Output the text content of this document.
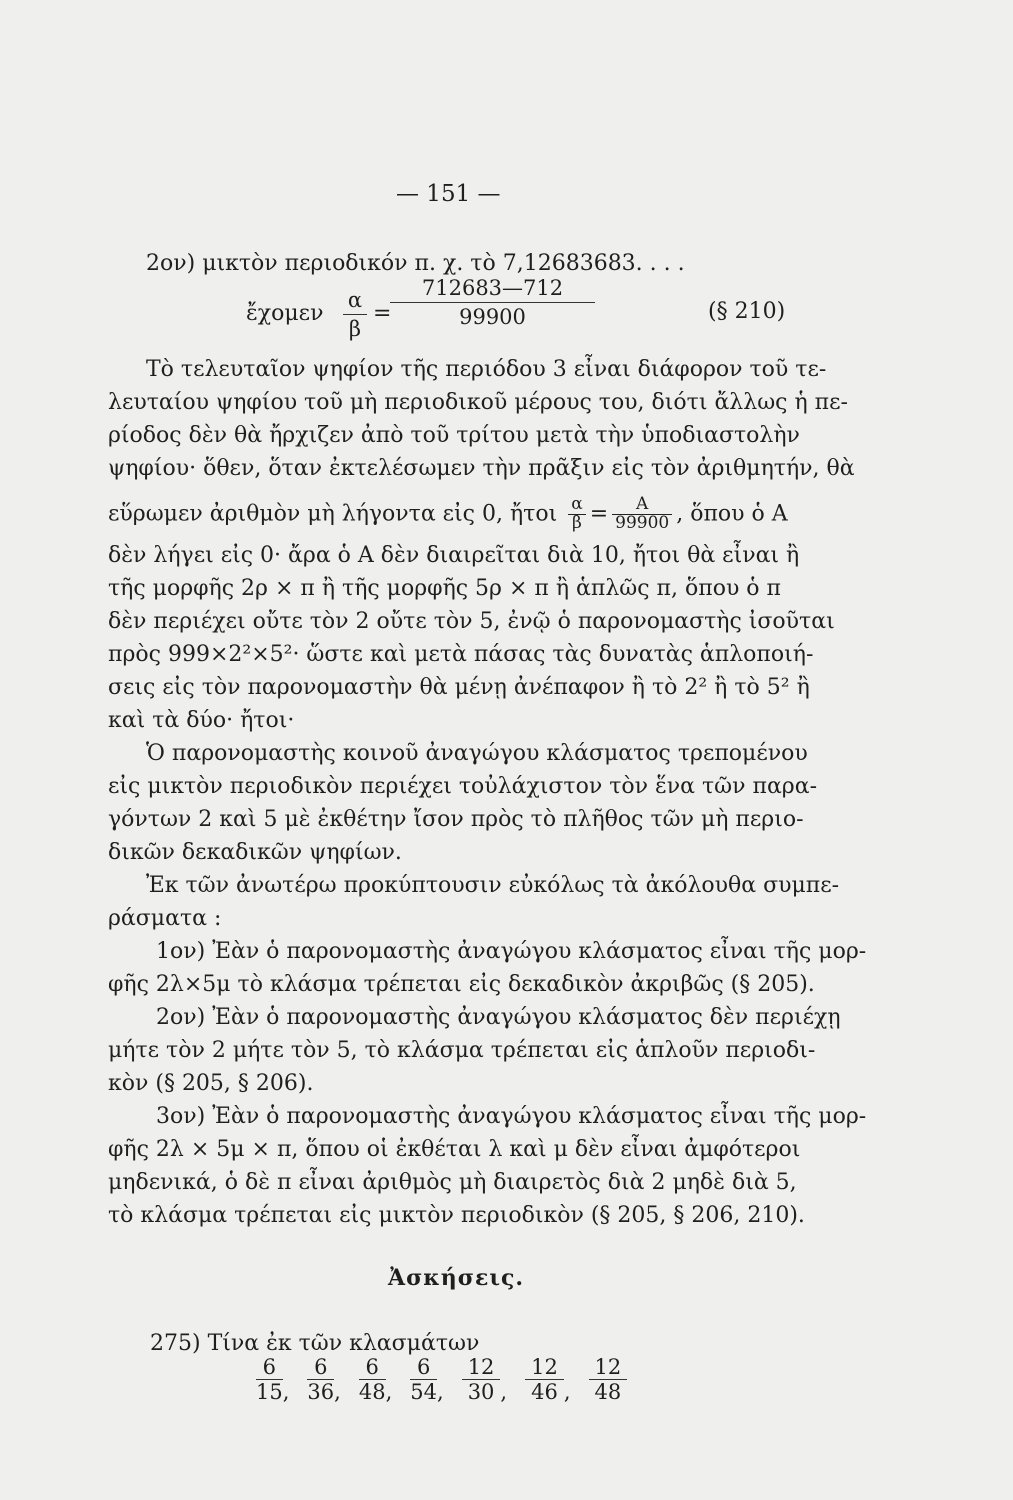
— 151 —
2ον) μικτὸν περιοδικόν π. χ. τὸ 7,12683683. . . .
ἔχομεν
α
β
=
712683—712
99900	(§ 210)
Τὸ τελευταῖον ψηφίον τῆς περιόδου 3 εἶναι διάφορον τοῦ τε-
λευταίου ψηφίου τοῦ μὴ περιοδικοῦ μέρους του, διότι ἄλλως ἡ πε-
ρίοδος δὲν θὰ ἤρχιζεν ἀπὸ τοῦ τρίτου μετὰ τὴν ὑποδιαστολὴν
ψηφίου· ὅθεν, ὅταν ἐκτελέσωμεν τὴν πρᾶξιν εἰς τὸν ἀριθμητήν, θὰ
εὕρωμεν ἀριθμὸν μὴ λήγοντα εἰς 0, ἤτοι $\frac{\alpha}{\beta} = \frac{A}{99900}$ , ὅπου ὁ A
δὲν λήγει εἰς 0· ἄρα ὁ A δὲν διαιρεῖται διὰ 10, ἤτοι θὰ εἶναι ἢ
τῆς μορφῆς 2ρ × π ἢ τῆς μορφῆς 5ρ × π ἢ ἁπλῶς π, ὅπου ὁ π
δὲν περιέχει οὔτε τὸν 2 οὔτε τὸν 5, ἐνῷ ὁ παρονομαστὴς ἰσοῦται
πρὸς 999×2²×5²· ὥστε καὶ μετὰ πάσας τὰς δυνατὰς ἁπλοποιή-
σεις εἰς τὸν παρονομαστὴν θὰ μένῃ ἀνέπαφον ἢ τὸ 2² ἢ τὸ 5² ἢ
καὶ τὰ δύο· ἤτοι·
Ὁ παρονομαστὴς κοινοῦ ἀναγώγου κλάσματος τρεπομένου
εἰς μικτὸν περιοδικὸν περιέχει τοὐλάχιστον τὸν ἕνα τῶν παρα-
γόντων 2 καὶ 5 μὲ ἐκθέτην ἴσον πρὸς τὸ πλῆθος τῶν μὴ περιο-
δικῶν δεκαδικῶν ψηφίων.
Ἐκ τῶν ἀνωτέρω προκύπτουσιν εὐκόλως τὰ ἀκόλουθα συμπε-
ράσματα :
1ον) Ἐὰν ὁ παρονομαστὴς ἀναγώγου κλάσματος εἶναι τῆς μορ-
φῆς 2λ×5μ τὸ κλάσμα τρέπεται εἰς δεκαδικὸν ἀκριβῶς (§ 205).
2ον) Ἐὰν ὁ παρονομαστὴς ἀναγώγου κλάσματος δὲν περιέχῃ
μήτε τὸν 2 μήτε τὸν 5, τὸ κλάσμα τρέπεται εἰς ἁπλοῦν περιοδι-
κὸν (§ 205, § 206).
3ον) Ἐὰν ὁ παρονομαστὴς ἀναγώγου κλάσματος εἶναι τῆς μορ-
φῆς 2λ × 5μ × π, ὅπου οἱ ἐκθέται λ καὶ μ δὲν εἶναι ἀμφότεροι
μηδενικά, ὁ δὲ π εἶναι ἀριθμὸς μὴ διαιρετὸς διὰ 2 μηδὲ διὰ 5,
τὸ κλάσμα τρέπεται εἰς μικτὸν περιοδικὸν (§ 205, § 206, 210).
Ἀσκήσεις.
275) Τίνα ἐκ τῶν κλασμάτων
$\frac{6}{15}$ , $\frac{6}{36}$ , $\frac{6}{48}$ , $\frac{6}{54}$ , $\frac{12}{30}$ , $\frac{12}{46}$ , $\frac{12}{48}$
